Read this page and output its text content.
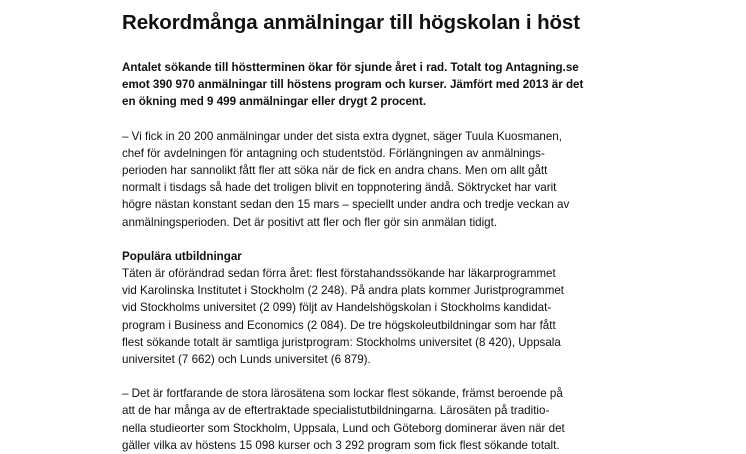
Rekordmånga anmälningar till högskolan i höst
Antalet sökande till höstterminen ökar för sjunde året i rad. Totalt tog Antagning.se
emot 390 970 anmälningar till höstens program och kurser. Jämfört med 2013 är det
en ökning med 9 499 anmälningar eller drygt 2 procent.
– Vi fick in 20 200 anmälningar under det sista extra dygnet, säger Tuula Kuosmanen,
chef för avdelningen för antagning och studentstöd. Förlängningen av anmälnings-
perioden har sannolikt fått fler att söka när de fick en andra chans. Men om allt gått
normalt i tisdags så hade det troligen blivit en toppnotering ändå. Söktrycket har varit
högre nästan konstant sedan den 15 mars – speciellt under andra och tredje veckan av
anmälningsperioden. Det är positivt att fler och fler gör sin anmälan tidigt.
Populära utbildningar
Täten är oförändrad sedan förra året: flest förstahandssökande har läkarprogrammet
vid Karolinska Institutet i Stockholm (2 248). På andra plats kommer Juristprogrammet
vid Stockholms universitet (2 099) följt av Handelshögskolan i Stockholms kandidat-
program i Business and Economics (2 084). De tre högskoleutbildningar som har fått
flest sökande totalt är samtliga juristprogram: Stockholms universitet (8 420), Uppsala
universitet (7 662) och Lunds universitet (6 879).
– Det är fortfarande de stora lärosätena som lockar flest sökande, främst beroende på
att de har många av de eftertraktade specialistutbildningarna. Lärosäten på traditio-
nella studieorter som Stockholm, Uppsala, Lund och Göteborg dominerar även när det
gäller vilka av höstens 15 098 kurser och 3 292 program som fick flest sökande totalt.
